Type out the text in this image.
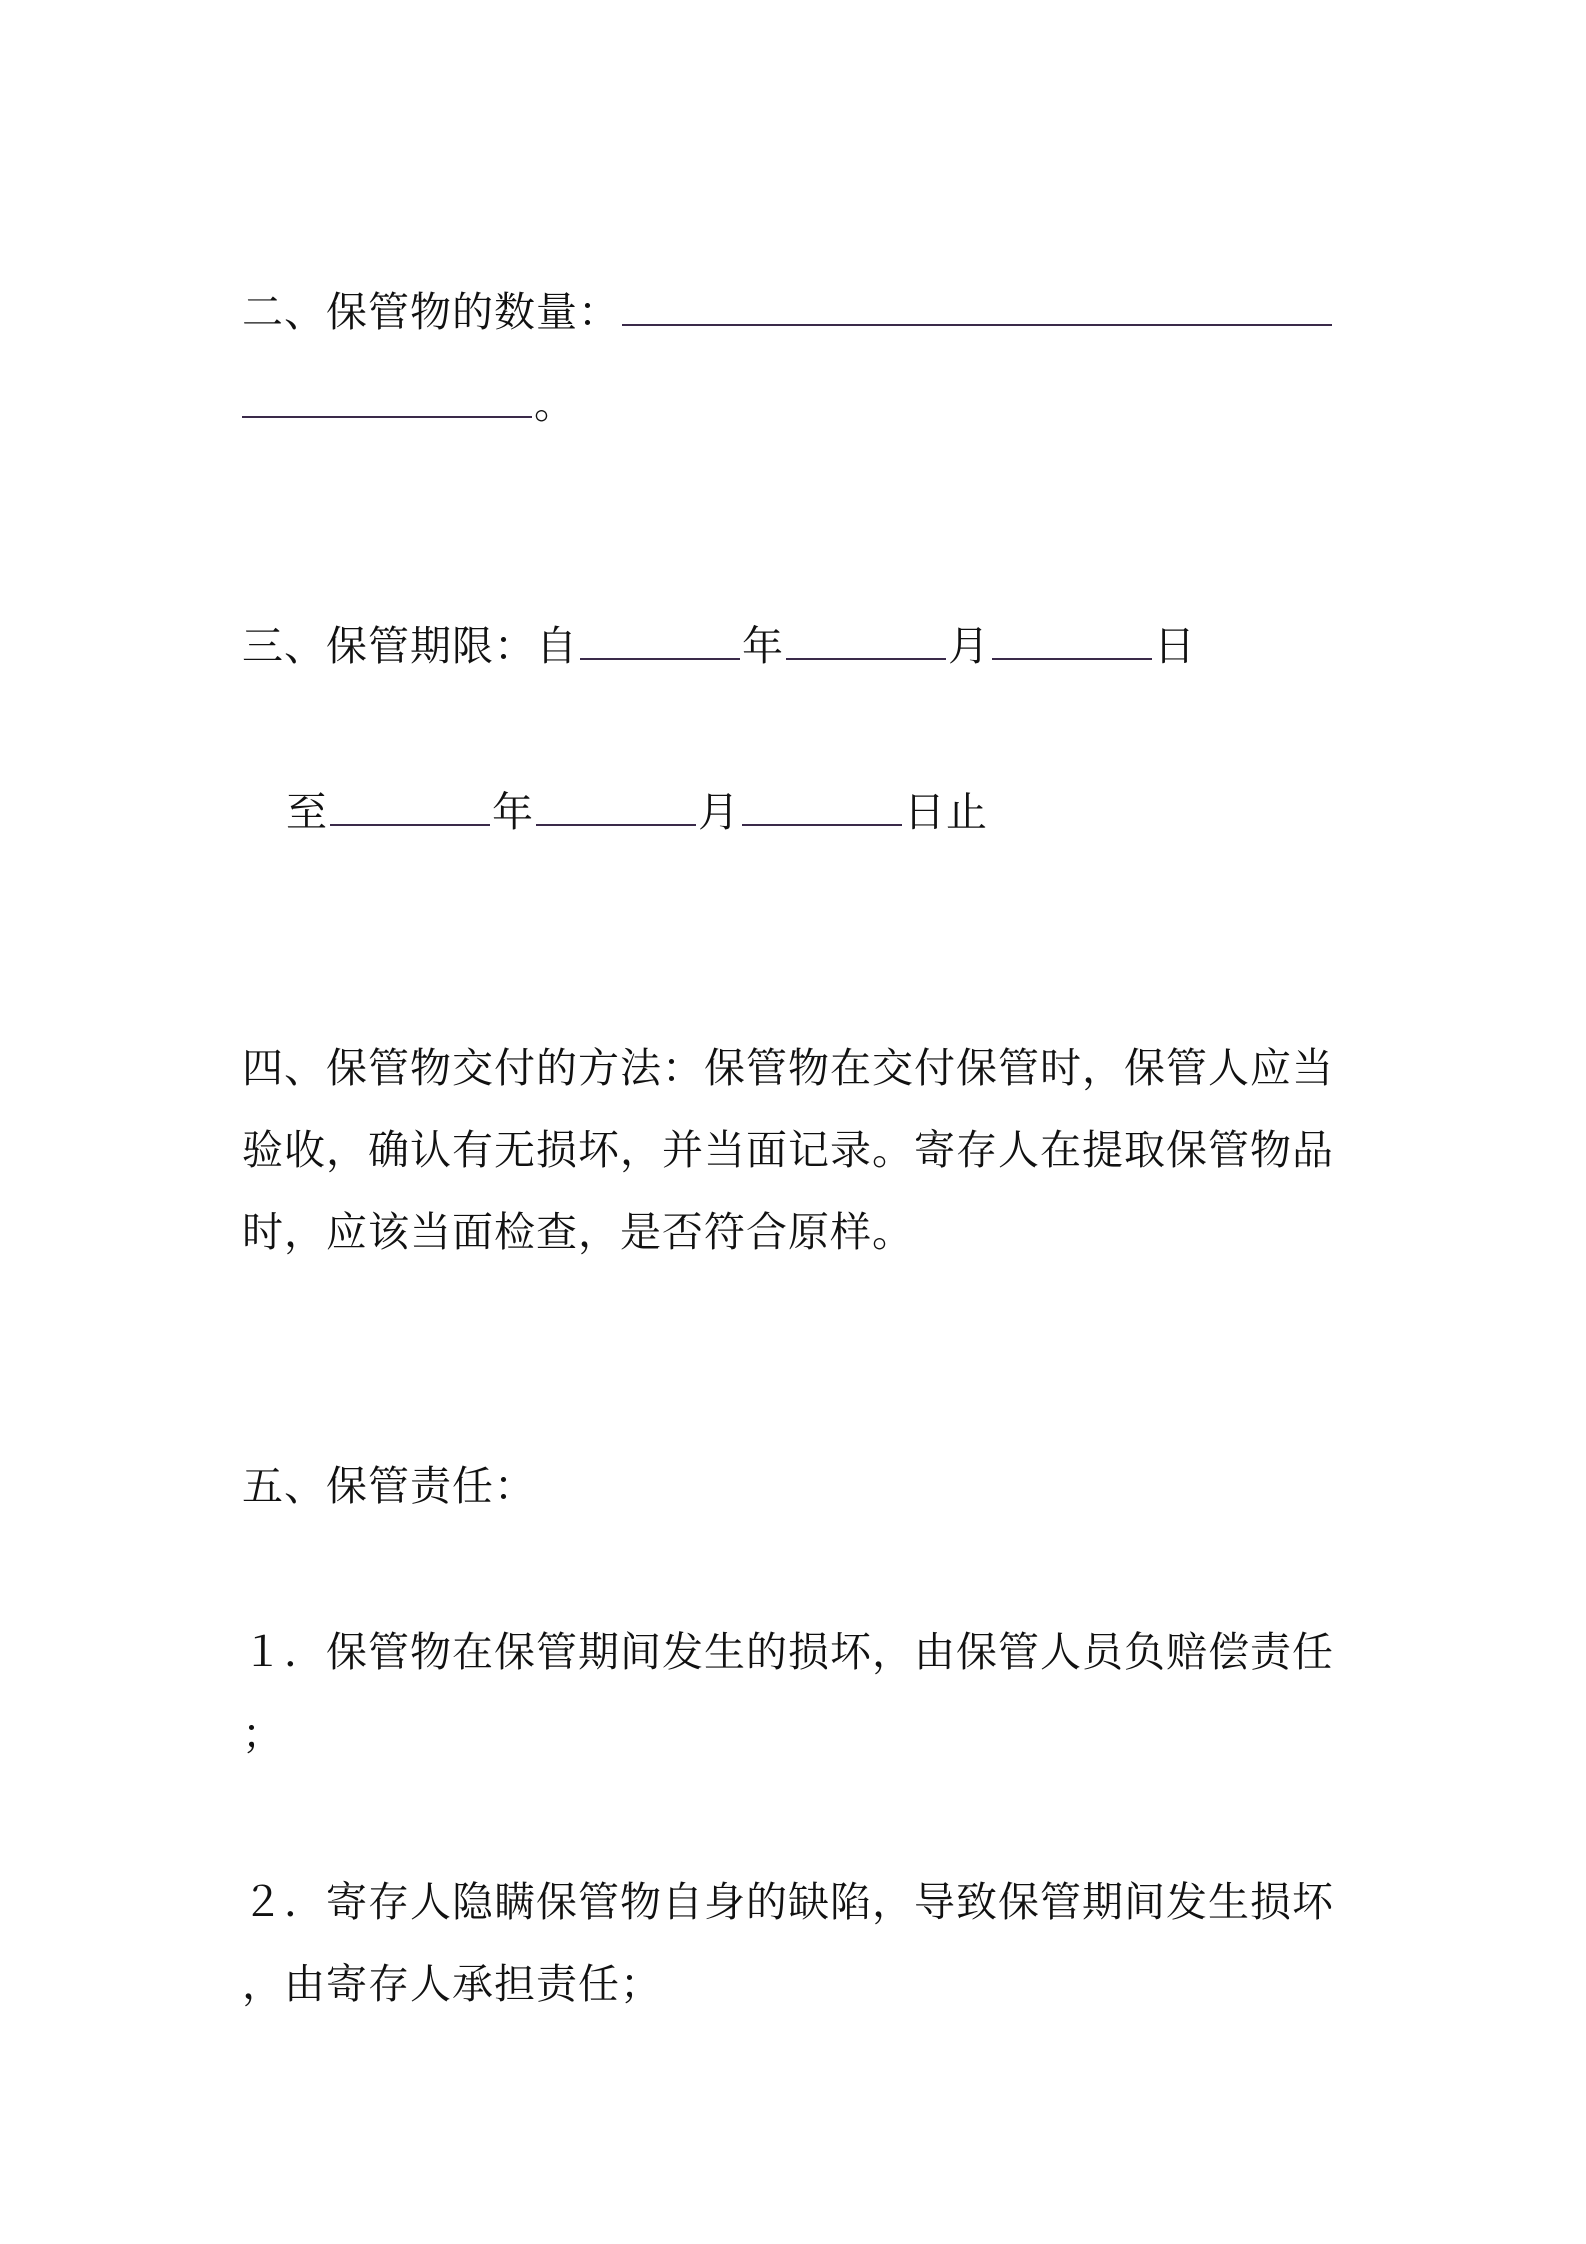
二、保管物的数量：
。
三、保管期限：自	年	月	日
至	年	月	日止
四、保管物交付的方法：保管物在交付保管时，保管人应当
验收，确认有无损坏，并当面记录。寄存人在提取保管物品
时，应该当面检查，是否符合原样。
五、保管责任：
１．保管物在保管期间发生的损坏，由保管人员负赔偿责任
；
２．寄存人隐瞒保管物自身的缺陷，导致保管期间发生损坏
，由寄存人承担责任；
